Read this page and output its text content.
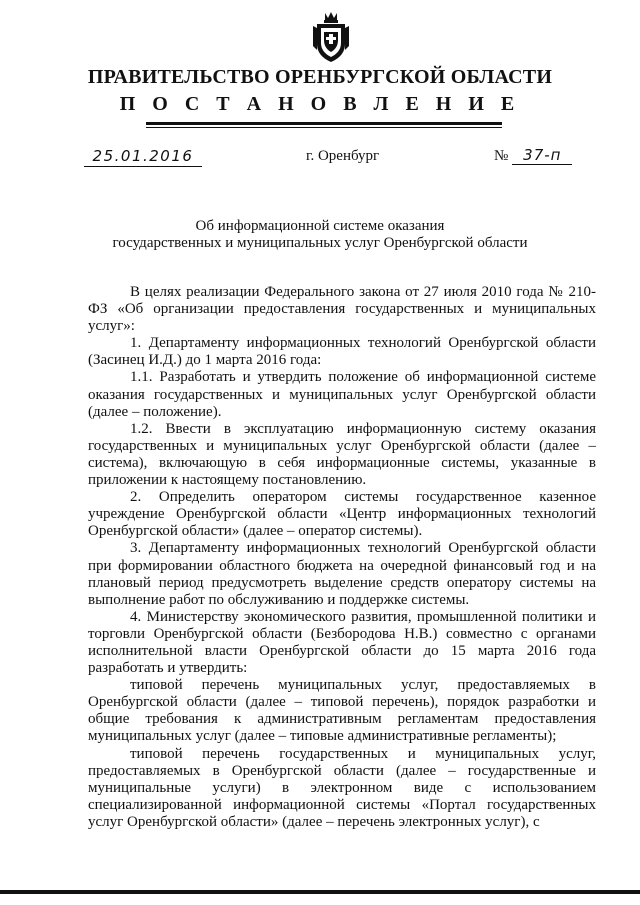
ПРАВИТЕЛЬСТВО ОРЕНБУРГСКОЙ ОБЛАСТИ
П О С Т А Н О В Л Е Н И Е
25.01.2016	г. Оренбург	№ 37-п
Об информационной системе оказания
государственных и муниципальных услуг Оренбургской области

В целях реализации Федерального закона от 27 июля 2010 года № 210-ФЗ «Об организации предоставления государственных и муниципальных услуг»:

1. Департаменту информационных технологий Оренбургской области (Засинец И.Д.) до 1 марта 2016 года:

1.1. Разработать и утвердить положение об информационной системе оказания государственных и муниципальных услуг Оренбургской области (далее – положение).

1.2. Ввести в эксплуатацию информационную систему оказания государственных и муниципальных услуг Оренбургской области (далее – система), включающую в себя информационные системы, указанные в приложении к настоящему постановлению.

2. Определить оператором системы государственное казенное учреждение Оренбургской области «Центр информационных технологий Оренбургской области» (далее – оператор системы).

3. Департаменту информационных технологий Оренбургской области при формировании областного бюджета на очередной финансовый год и на плановый период предусмотреть выделение средств оператору системы на выполнение работ по обслуживанию и поддержке системы.

4. Министерству экономического развития, промышленной политики и торговли Оренбургской области (Безбородова Н.В.) совместно с органами исполнительной власти Оренбургской области до 15 марта 2016 года разработать и утвердить:

типовой перечень муниципальных услуг, предоставляемых в Оренбургской области (далее – типовой перечень), порядок разработки и общие требования к административным регламентам предоставления муниципальных услуг (далее – типовые административные регламенты);

типовой перечень государственных и муниципальных услуг, предоставляемых в Оренбургской области (далее – государственные и муниципальные услуги) в электронном виде с использованием специализированной информационной системы «Портал государственных услуг Оренбургской области» (далее – перечень электронных услуг), с
